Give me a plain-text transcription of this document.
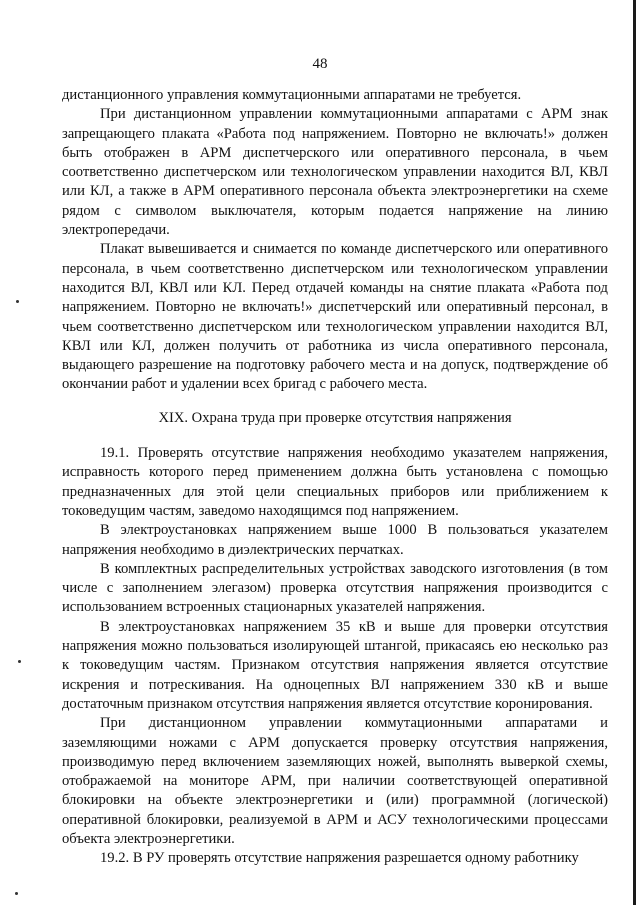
48

дистанционного управления коммутационными аппаратами не требуется.

При дистанционном управлении коммутационными аппаратами с АРМ знак запрещающего плаката «Работа под напряжением. Повторно не включать!» должен быть отображен в АРМ диспетчерского или оперативного персонала, в чьем соответственно диспетчерском или технологическом управлении находится ВЛ, КВЛ или КЛ, а также в АРМ оперативного персонала объекта электроэнергетики на схеме рядом с символом выключателя, которым подается напряжение на линию электропередачи.

Плакат вывешивается и снимается по команде диспетчерского или оперативного персонала, в чьем соответственно диспетчерском или технологическом управлении находится ВЛ, КВЛ или КЛ. Перед отдачей команды на снятие плаката «Работа под напряжением. Повторно не включать!» диспетчерский или оперативный персонал, в чьем соответственно диспетчерском или технологическом управлении находится ВЛ, КВЛ или КЛ, должен получить от работника из числа оперативного персонала, выдающего разрешение на подготовку рабочего места и на допуск, подтверждение об окончании работ и удалении всех бригад с рабочего места.

XIX. Охрана труда при проверке отсутствия напряжения

19.1. Проверять отсутствие напряжения необходимо указателем напряжения, исправность которого перед применением должна быть установлена с помощью предназначенных для этой цели специальных приборов или приближением к токоведущим частям, заведомо находящимся под напряжением.

В электроустановках напряжением выше 1000 В пользоваться указателем напряжения необходимо в диэлектрических перчатках.

В комплектных распределительных устройствах заводского изготовления (в том числе с заполнением элегазом) проверка отсутствия напряжения производится с использованием встроенных стационарных указателей напряжения.

В электроустановках напряжением 35 кВ и выше для проверки отсутствия напряжения можно пользоваться изолирующей штангой, прикасаясь ею несколько раз к токоведущим частям. Признаком отсутствия напряжения является отсутствие искрения и потрескивания. На одноцепных ВЛ напряжением 330 кВ и выше достаточным признаком отсутствия напряжения является отсутствие коронирования.

При дистанционном управлении коммутационными аппаратами и заземляющими ножами с АРМ допускается проверку отсутствия напряжения, производимую перед включением заземляющих ножей, выполнять выверкой схемы, отображаемой на мониторе АРМ, при наличии соответствующей оперативной блокировки на объекте электроэнергетики и (или) программной (логической) оперативной блокировки, реализуемой в АРМ и АСУ технологическими процессами объекта электроэнергетики.

19.2. В РУ проверять отсутствие напряжения разрешается одному работнику
